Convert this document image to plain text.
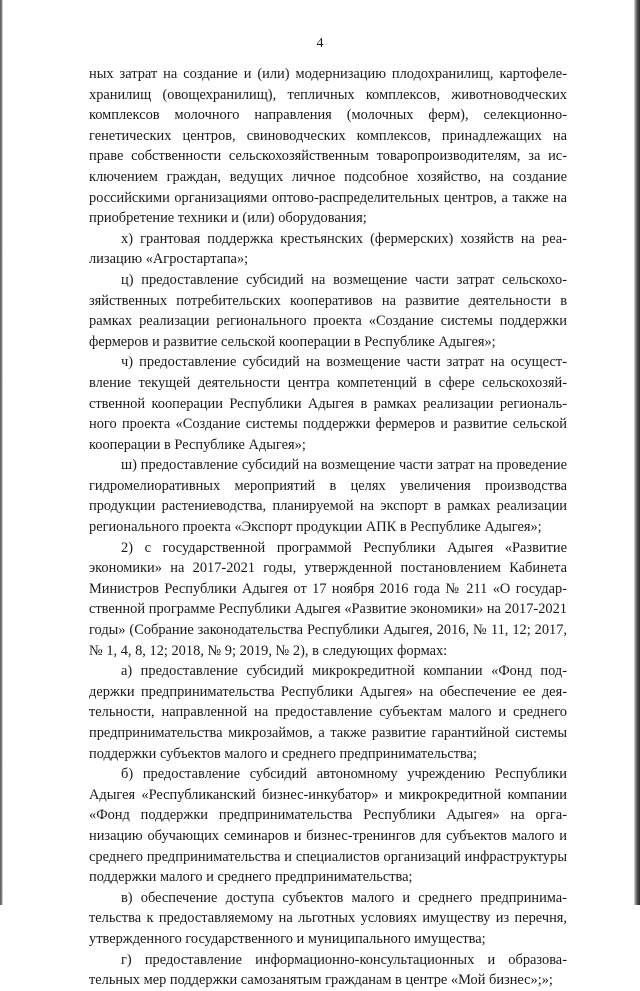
4

ных затрат на создание и (или) модернизацию плодохранилищ, картофелехранилищ (овощехранилищ), тепличных комплексов, животноводческих комплексов молочного направления (молочных ферм), селекционногенетических центров, свиноводческих комплексов, принадлежащих на праве собственности сельскохозяйственным товаропроизводителям, за исключением граждан, ведущих личное подсобное хозяйство, на создание российскими организациями оптово-распределительных центров, а также на приобретение техники и (или) оборудования;

х) грантовая поддержка крестьянских (фермерских) хозяйств на реализацию «Агростартапа»;

ц) предоставление субсидий на возмещение части затрат сельскохозяйственных потребительских кооперативов на развитие деятельности в рамках реализации регионального проекта «Создание системы поддержки фермеров и развитие сельской кооперации в Республике Адыгея»;

ч) предоставление субсидий на возмещение части затрат на осуществление текущей деятельности центра компетенций в сфере сельскохозяйственной кооперации Республики Адыгея в рамках реализации регионального проекта «Создание системы поддержки фермеров и развитие сельской кооперации в Республике Адыгея»;

ш) предоставление субсидий на возмещение части затрат на проведение гидромелиоративных мероприятий в целях увеличения производства продукции растениеводства, планируемой на экспорт в рамках реализации регионального проекта «Экспорт продукции АПК в Республике Адыгея»;

2) с государственной программой Республики Адыгея «Развитие экономики» на 2017-2021 годы, утвержденной постановлением Кабинета Министров Республики Адыгея от 17 ноября 2016 года № 211 «О государственной программе Республики Адыгея «Развитие экономики» на 2017-2021 годы» (Собрание законодательства Республики Адыгея, 2016, № 11, 12; 2017, № 1, 4, 8, 12; 2018, № 9; 2019, № 2), в следующих формах:

а) предоставление субсидий микрокредитной компании «Фонд поддержки предпринимательства Республики Адыгея» на обеспечение ее деятельности, направленной на предоставление субъектам малого и среднего предпринимательства микрозаймов, а также развитие гарантийной системы поддержки субъектов малого и среднего предпринимательства;

б) предоставление субсидий автономному учреждению Республики Адыгея «Республиканский бизнес-инкубатор» и микрокредитной компании «Фонд поддержки предпринимательства Республики Адыгея» на организацию обучающих семинаров и бизнес-тренингов для субъектов малого и среднего предпринимательства и специалистов организаций инфраструктуры поддержки малого и среднего предпринимательства;

в) обеспечение доступа субъектов малого и среднего предпринимательства к предоставляемому на льготных условиях имуществу из перечня, утвержденного государственного и муниципального имущества;

г) предоставление информационно-консультационных и образовательных мер поддержки самозанятым гражданам в центре «Мой бизнес»;»;
